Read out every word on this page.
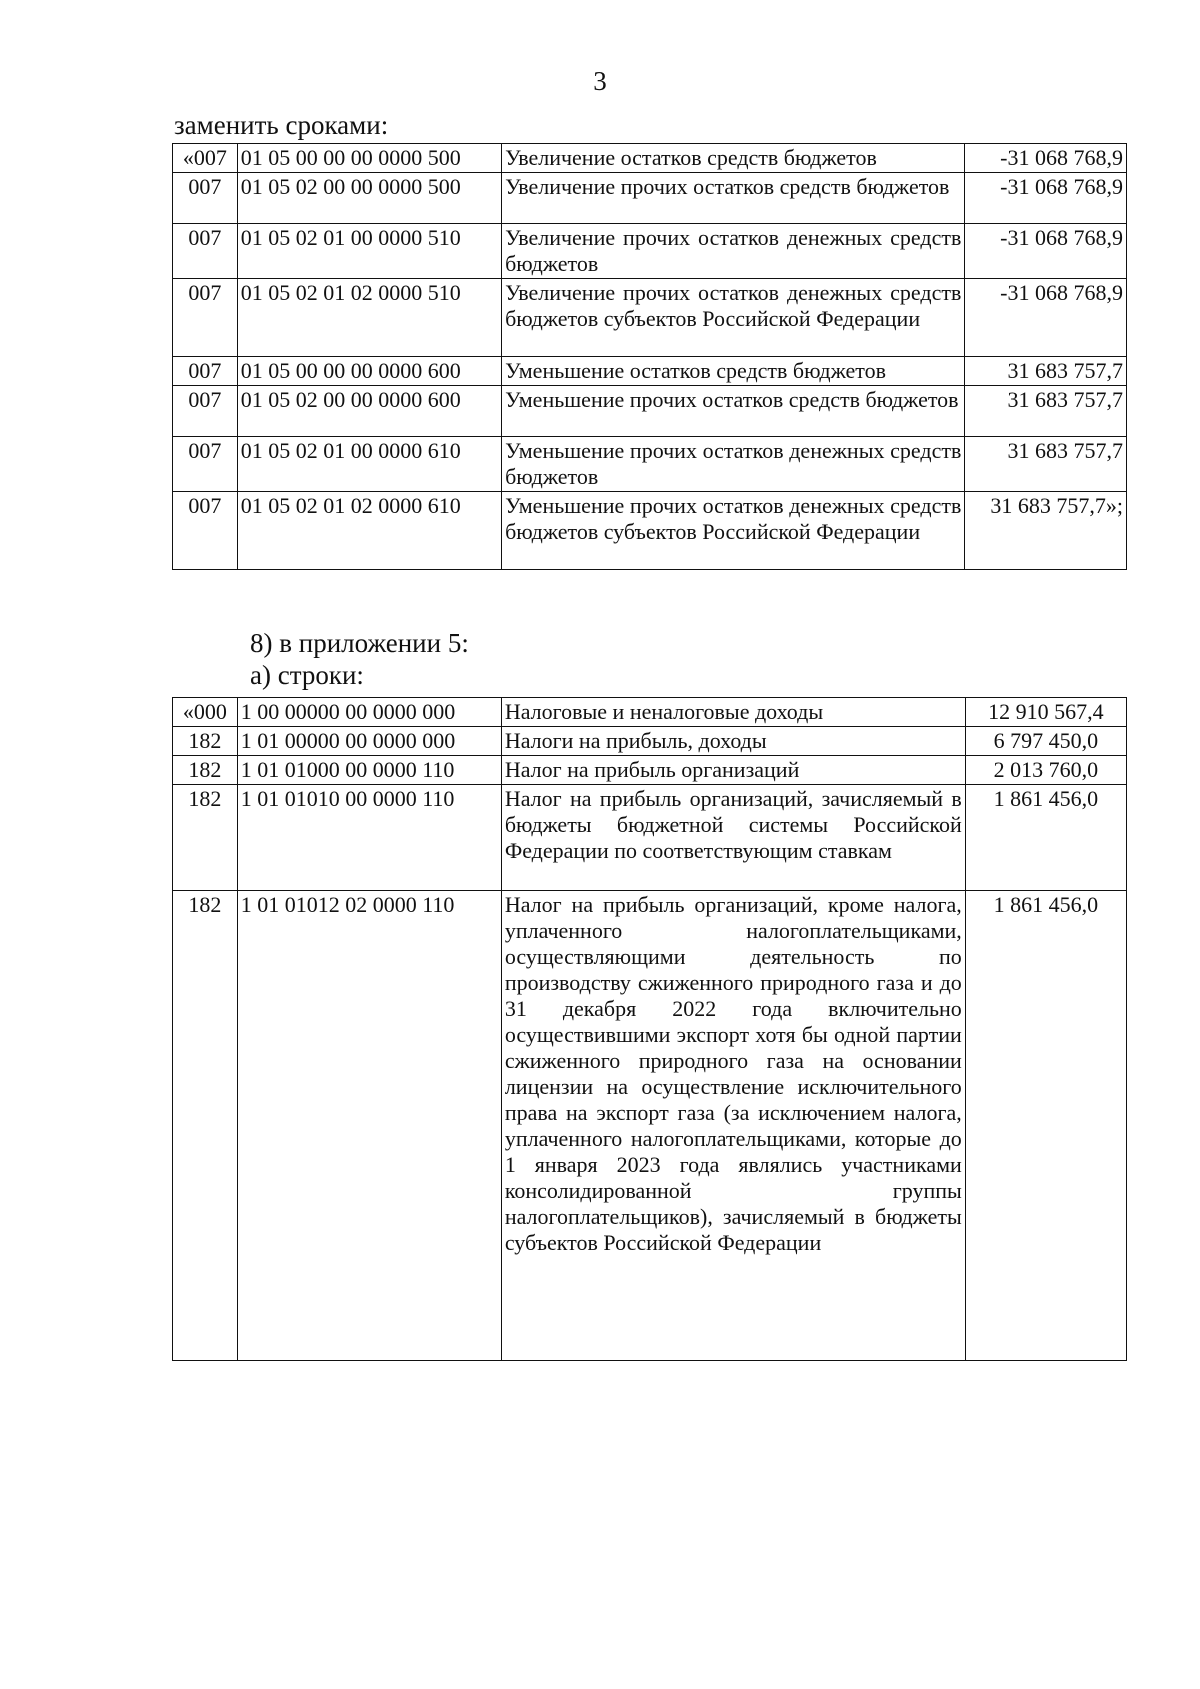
3
заменить сроками:
«007	01 05 00 00 00 0000 500	Увеличение остатков средств бюджетов	-31 068 768,9
007	01 05 02 00 00 0000 500	Увеличение прочих остатков средств бюджетов	-31 068 768,9
007	01 05 02 01 00 0000 510	Увеличение прочих остатков денежных средств бюджетов	-31 068 768,9
007	01 05 02 01 02 0000 510	Увеличение прочих остатков денежных средств бюджетов субъектов Российской Федерации	-31 068 768,9
007	01 05 00 00 00 0000 600	Уменьшение остатков средств бюджетов	31 683 757,7
007	01 05 02 00 00 0000 600	Уменьшение прочих остатков средств бюджетов	31 683 757,7
007	01 05 02 01 00 0000 610	Уменьшение прочих остатков денежных средств бюджетов	31 683 757,7
007	01 05 02 01 02 0000 610	Уменьшение прочих остатков денежных средств бюджетов субъектов Российской Федерации	31 683 757,7»;
8) в приложении 5:
а) строки:
«000	1 00 00000 00 0000 000	Налоговые и неналоговые доходы	12 910 567,4
182	1 01 00000 00 0000 000	Налоги на прибыль, доходы	6 797 450,0
182	1 01 01000 00 0000 110	Налог на прибыль организаций	2 013 760,0
182	1 01 01010 00 0000 110	Налог на прибыль организаций, зачисляемый в бюджеты бюджетной системы Российской Федерации по соответствующим ставкам	1 861 456,0
182	1 01 01012 02 0000 110	Налог на прибыль организаций, кроме налога, уплаченного налогоплательщиками, осуществляющими деятельность по производству сжиженного природного газа и до 31 декабря 2022 года включительно осуществившими экспорт хотя бы одной партии сжиженного природного газа на основании лицензии на осуществление исключительного права на экспорт газа (за исключением налога, уплаченного налогоплательщиками, которые до 1 января 2023 года являлись участниками консолидированной группы налогоплательщиков), зачисляемый в бюджеты субъектов Российской Федерации	1 861 456,0
